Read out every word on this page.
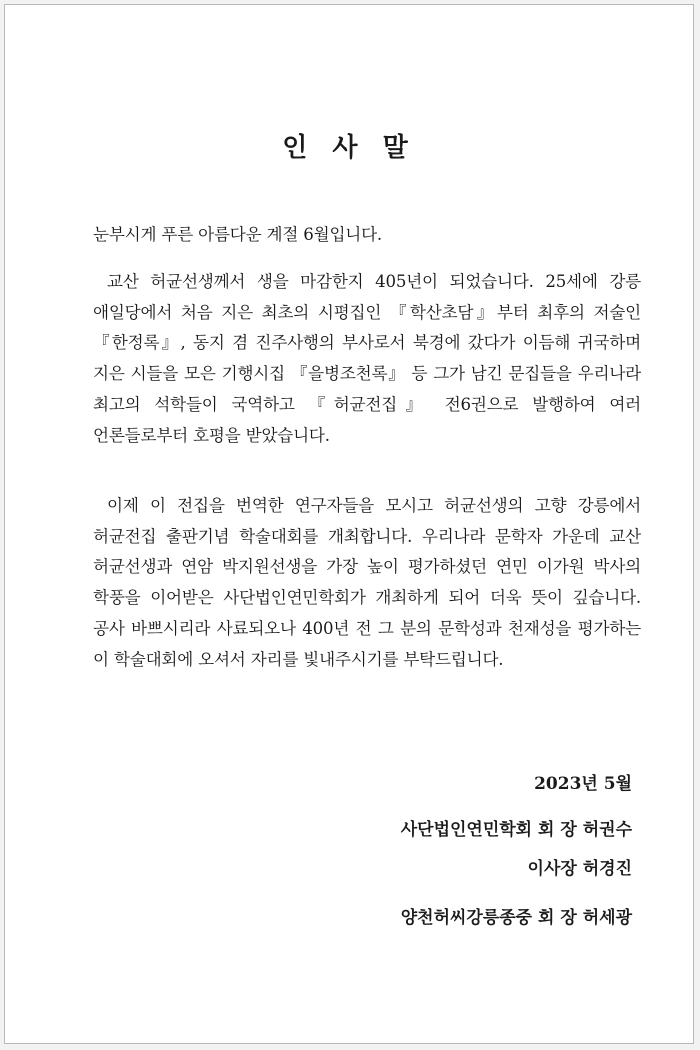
인 사 말
눈부시게 푸른 아름다운 계절 6월입니다.
교산 허균선생께서 생을 마감한지 405년이 되었습니다. 25세에 강릉 애일당에서 처음 지은 최초의 시평집인 『학산초담』부터 최후의 저술인 『한정록』, 동지 겸 진주사행의 부사로서 북경에 갔다가 이듬해 귀국하며 지은 시들을 모은 기행시집 『을병조천록』 등 그가 남긴 문집들을 우리나라 최고의 석학들이 국역하고 『허균전집』 전6권으로 발행하여 여러 언론들로부터 호평을 받았습니다.
이제 이 전집을 번역한 연구자들을 모시고 허균선생의 고향 강릉에서 허균전집 출판기념 학술대회를 개최합니다. 우리나라 문학자 가운데 교산 허균선생과 연암 박지원선생을 가장 높이 평가하셨던 연민 이가원 박사의 학풍을 이어받은 사단법인연민학회가 개최하게 되어 더욱 뜻이 깊습니다. 공사 바쁘시리라 사료되오나 400년 전 그 분의 문학성과 천재성을 평가하는 이 학술대회에 오셔서 자리를 빛내주시기를 부탁드립니다.
2023년 5월
사단법인연민학회 회 장 허권수
이사장 허경진
양천허씨강릉종중 회 장 허세광
